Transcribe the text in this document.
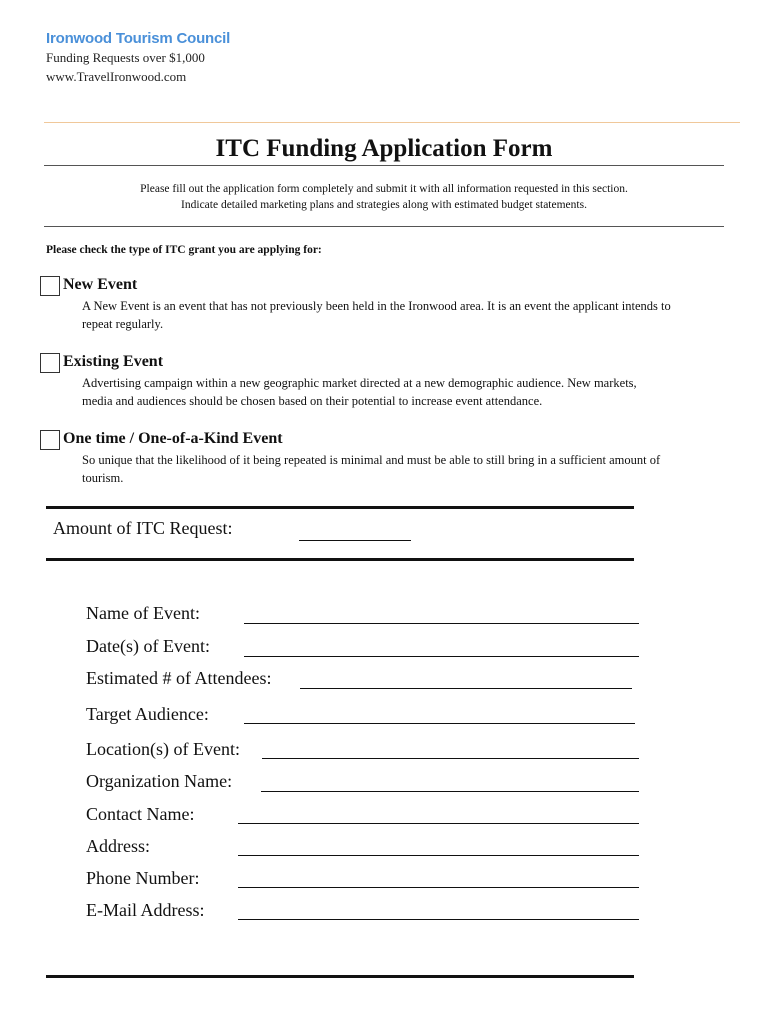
Ironwood Tourism Council
Funding Requests over $1,000
www.TravelIronwood.com
ITC Funding Application Form
Please fill out the application form completely and submit it with all information requested in this section.
Indicate detailed marketing plans and strategies along with estimated budget statements.
Please check the type of ITC grant you are applying for:
New Event
A New Event is an event that has not previously been held in the Ironwood area. It is an event the applicant intends to
repeat regularly.
Existing Event
Advertising campaign within a new geographic market directed at a new demographic audience. New markets,
media and audiences should be chosen based on their potential to increase event attendance.
One time / One-of-a-Kind Event
So unique that the likelihood of it being repeated is minimal and must be able to still bring in a sufficient amount of
tourism.
Amount of ITC Request:
Name of Event:
Date(s) of Event:
Estimated # of Attendees:
Target Audience:
Location(s) of Event:
Organization Name:
Contact Name:
Address:
Phone Number:
E-Mail Address:
